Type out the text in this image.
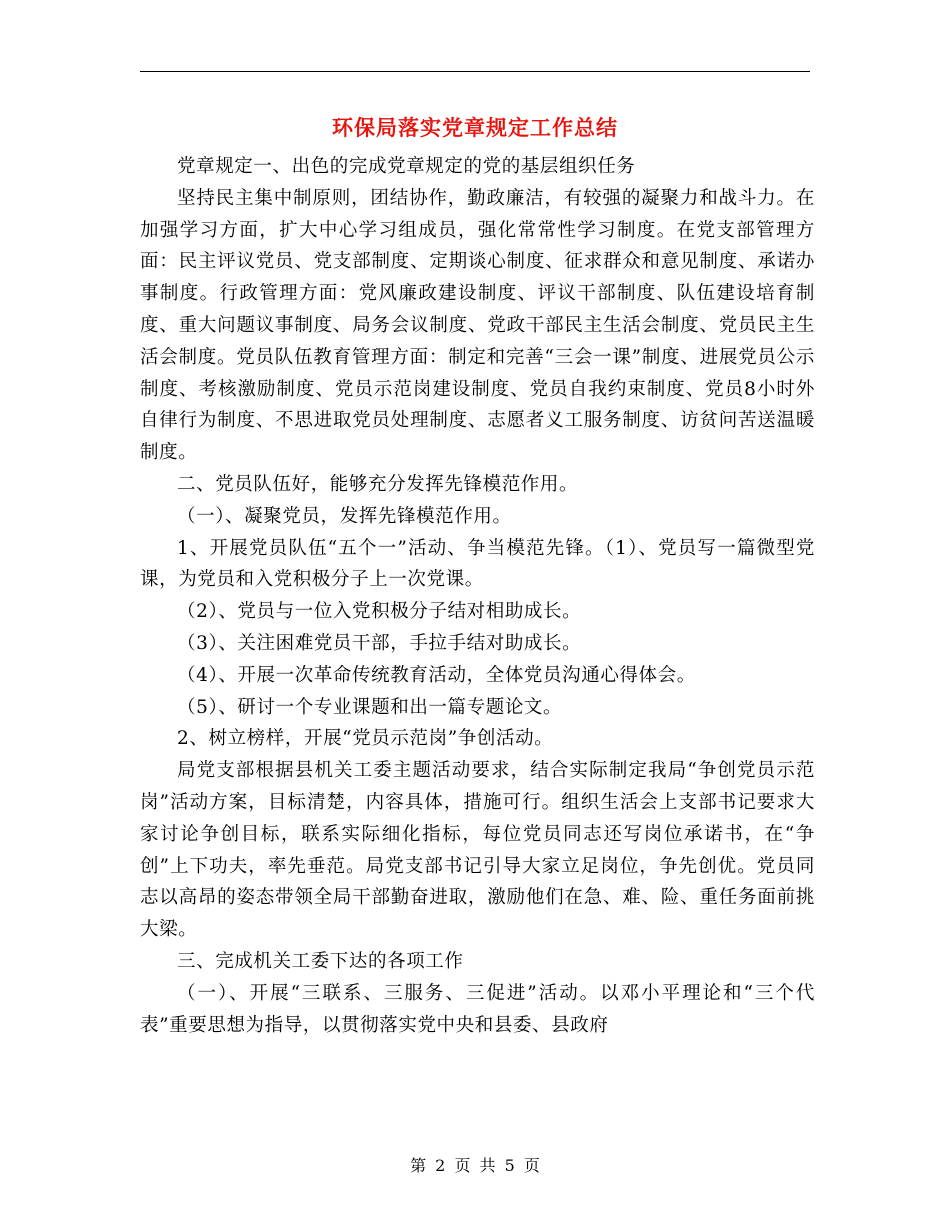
环保局落实党章规定工作总结

党章规定一、出色的完成党章规定的党的基层组织任务

坚持民主集中制原则，团结协作，勤政廉洁，有较强的凝聚力和战斗力。在加强学习方面，扩大中心学习组成员，强化常常性学习制度。在党支部管理方面：民主评议党员、党支部制度、定期谈心制度、征求群众和意见制度、承诺办事制度。行政管理方面：党风廉政建设制度、评议干部制度、队伍建设培育制度、重大问题议事制度、局务会议制度、党政干部民主生活会制度、党员民主生活会制度。党员队伍教育管理方面：制定和完善“三会一课”制度、进展党员公示制度、考核激励制度、党员示范岗建设制度、党员自我约束制度、党员8小时外自律行为制度、不思进取党员处理制度、志愿者义工服务制度、访贫问苦送温暖制度。

二、党员队伍好，能够充分发挥先锋模范作用。

（一）、凝聚党员，发挥先锋模范作用。

1、开展党员队伍“五个一”活动、争当模范先锋。（1）、党员写一篇微型党课，为党员和入党积极分子上一次党课。

（2）、党员与一位入党积极分子结对相助成长。

（3）、关注困难党员干部，手拉手结对助成长。

（4）、开展一次革命传统教育活动，全体党员沟通心得体会。

（5）、研讨一个专业课题和出一篇专题论文。

2、树立榜样，开展“党员示范岗”争创活动。

局党支部根据县机关工委主题活动要求，结合实际制定我局“争创党员示范岗”活动方案，目标清楚，内容具体，措施可行。组织生活会上支部书记要求大家讨论争创目标，联系实际细化指标，每位党员同志还写岗位承诺书，在“争创”上下功夫，率先垂范。局党支部书记引导大家立足岗位，争先创优。党员同志以高昂的姿态带领全局干部勤奋进取，激励他们在急、难、险、重任务面前挑大梁。

三、完成机关工委下达的各项工作

（一）、开展“三联系、三服务、三促进”活动。以邓小平理论和“三个代表”重要思想为指导，以贯彻落实党中央和县委、县政府

第 2 页 共 5 页
